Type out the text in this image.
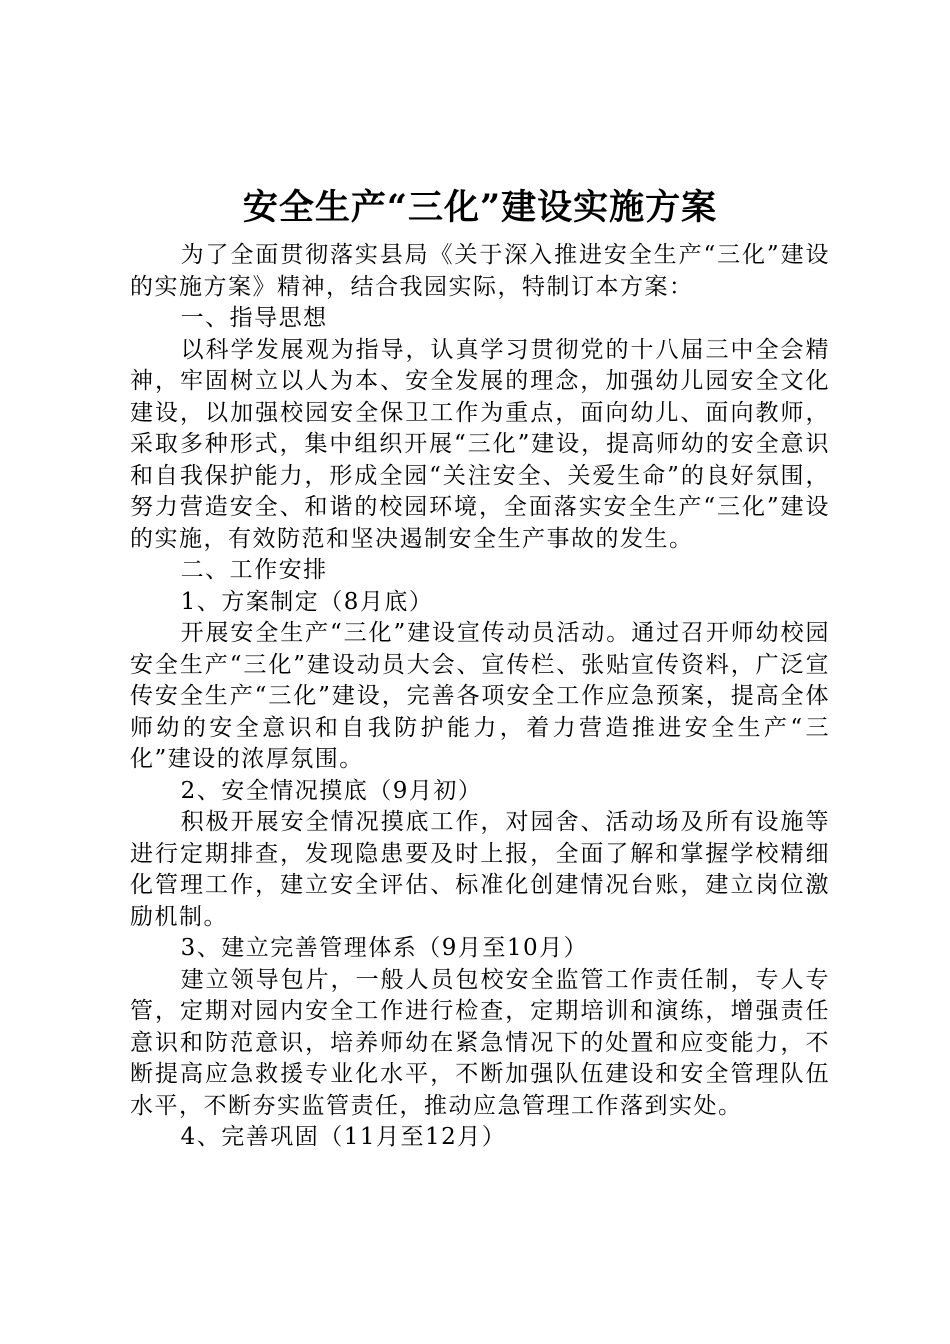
安全生产“三化”建设实施方案

为了全面贯彻落实县局《关于深入推进安全生产“三化”建设的实施方案》精神，结合我园实际，特制订本方案：

一、指导思想

以科学发展观为指导，认真学习贯彻党的十八届三中全会精神，牢固树立以人为本、安全发展的理念，加强幼儿园安全文化建设，以加强校园安全保卫工作为重点，面向幼儿、面向教师，采取多种形式，集中组织开展“三化”建设，提高师幼的安全意识和自我保护能力，形成全园“关注安全、关爱生命”的良好氛围，努力营造安全、和谐的校园环境，全面落实安全生产“三化”建设的实施，有效防范和坚决遏制安全生产事故的发生。

二、工作安排

1、方案制定（8月底）

开展安全生产“三化”建设宣传动员活动。通过召开师幼校园安全生产“三化”建设动员大会、宣传栏、张贴宣传资料，广泛宣传安全生产“三化”建设，完善各项安全工作应急预案，提高全体师幼的安全意识和自我防护能力，着力营造推进安全生产“三化”建设的浓厚氛围。

2、安全情况摸底（9月初）

积极开展安全情况摸底工作，对园舍、活动场及所有设施等进行定期排查，发现隐患要及时上报，全面了解和掌握学校精细化管理工作，建立安全评估、标准化创建情况台账，建立岗位激励机制。

3、建立完善管理体系（9月至10月）

建立领导包片，一般人员包校安全监管工作责任制，专人专管，定期对园内安全工作进行检查，定期培训和演练，增强责任意识和防范意识，培养师幼在紧急情况下的处置和应变能力，不断提高应急救援专业化水平，不断加强队伍建设和安全管理队伍水平，不断夯实监管责任，推动应急管理工作落到实处。

4、完善巩固（11月至12月）
